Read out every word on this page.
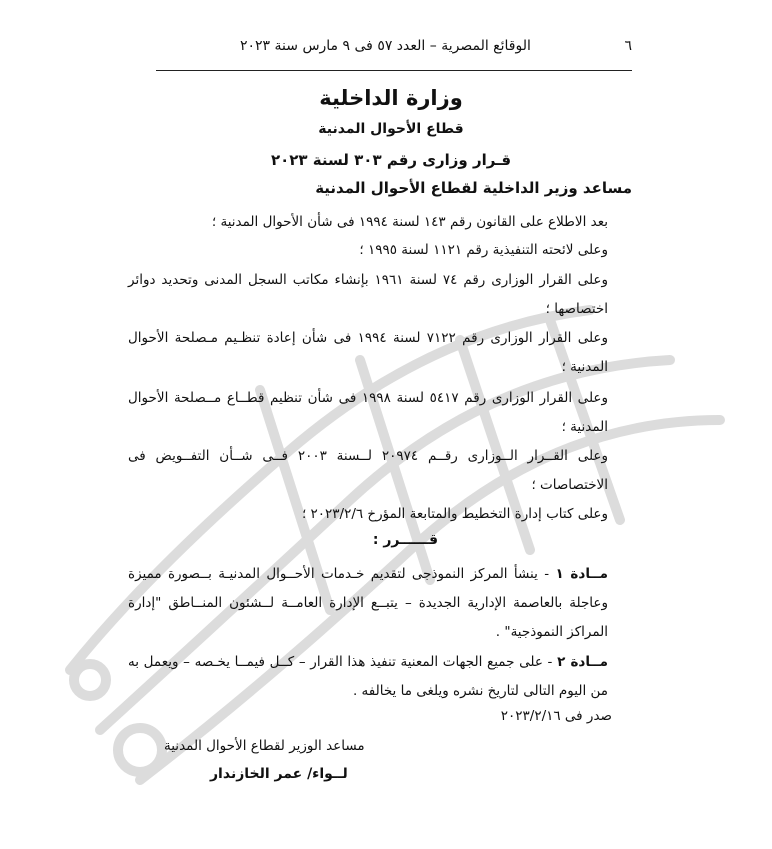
٦
الوقائع المصرية – العدد ٥٧ فى ٩ مارس سنة ٢٠٢٣
وزارة الداخلية
قطاع الأحوال المدنية
قـرار وزارى رقم ٣٠٣ لسنة ٢٠٢٣
مساعد وزير الداخلية لقطاع الأحوال المدنية
بعد الاطلاع على القانون رقم ١٤٣ لسنة ١٩٩٤ فى شأن الأحوال المدنية ؛
وعلى لائحته التنفيذية رقم ١١٢١ لسنة ١٩٩٥ ؛
وعلى القرار الوزارى رقم ٧٤ لسنة ١٩٦١ بإنشاء مكاتب السجل المدنى وتحديد دوائر اختصاصها ؛
وعلى القرار الوزارى رقم ٧١٢٢ لسنة ١٩٩٤ فى شأن إعادة تنظـيم مـصلحة الأحوال المدنية ؛
وعلى القرار الوزارى رقم ٥٤١٧ لسنة ١٩٩٨ فى شأن تنظيم قطــاع مــصلحة الأحوال المدنية ؛
وعلى القــرار الــوزارى رقــم ٢٠٩٧٤ لــسنة ٢٠٠٣ فــى شــأن التفــويض فى الاختصاصات ؛
وعلى كتاب إدارة التخطيط والمتابعة المؤرخ ٢٠٢٣/٢/٦ ؛
قــــــرر :
مــادة ١ - ينشأ المركز النموذجى لتقديم خـدمات الأحــوال المدنيـة بــصورة مميزة وعاجلة بالعاصمة الإدارية الجديدة – يتبــع الإدارة العامــة لــشئون المنــاطق "إدارة المراكز النموذجية" .
مــادة ٢ - على جميع الجهات المعنية تنفيذ هذا القرار – كــل فيمــا يخـصه – ويعمل به من اليوم التالى لتاريخ نشره ويلغى ما يخالفه .
صدر فى ٢٠٢٣/٢/١٦
مساعد الوزير لقطاع الأحوال المدنية
لــواء/ عمر الخازندار
